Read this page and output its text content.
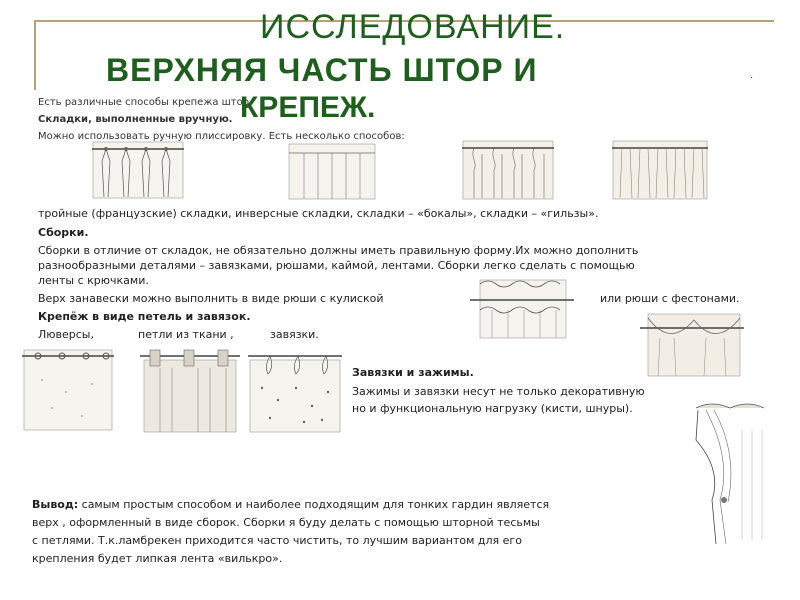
ИССЛЕДОВАНИЕ.
ВЕРХНЯЯ ЧАСТЬ ШТОР И	.
Есть различные способы крепежа штор.
Складки, выполненные вручную.
Можно использовать ручную плиссировку. Есть несколько способов:
КРЕПЕЖ.
тройные (французские) складки, инверсные складки, складки – «бокалы», складки – «гильзы».
Сборки.
Сборки в отличие от складок, не обязательно должны иметь правильную форму.Их можно дополнить
разнообразными деталями – завязками, рюшами, каймой, лентами. Сборки легко сделать с помощью
ленты с крючками.
Верх занавески можно выполнить в виде рюши с кулиской	или рюши с фестонами.
Крепёж в виде петель и завязок.
Люверсы,	петли из ткани ,	завязки.
Завязки и зажимы.
Зажимы и завязки несут не только декоративную
но и функциональную нагрузку (кисти, шнуры).
Вывод: самым простым способом и наиболее подходящим для тонких гардин является
верх , оформленный в виде сборок. Сборки я буду делать с помощью шторной тесьмы
с петлями. Т.к.ламбрекен приходится часто чистить, то лучшим вариантом для его
крепления будет липкая лента «вилькро».
